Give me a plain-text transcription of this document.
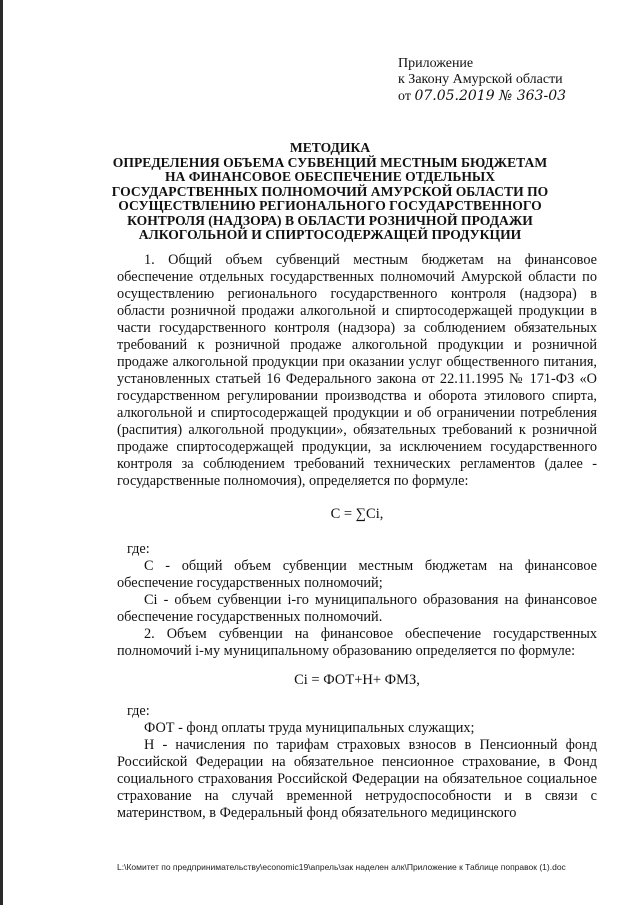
Приложение
к Закону Амурской области
от 07.05.2019 № 363-03
МЕТОДИКА
ОПРЕДЕЛЕНИЯ ОБЪЕМА СУБВЕНЦИЙ МЕСТНЫМ БЮДЖЕТАМ
НА ФИНАНСОВОЕ ОБЕСПЕЧЕНИЕ ОТДЕЛЬНЫХ
ГОСУДАРСТВЕННЫХ ПОЛНОМОЧИЙ АМУРСКОЙ ОБЛАСТИ ПО
ОСУЩЕСТВЛЕНИЮ РЕГИОНАЛЬНОГО ГОСУДАРСТВЕННОГО
КОНТРОЛЯ (НАДЗОРА) В ОБЛАСТИ РОЗНИЧНОЙ ПРОДАЖИ
АЛКОГОЛЬНОЙ И СПИРТОСОДЕРЖАЩЕЙ ПРОДУКЦИИ

1. Общий объем субвенций местным бюджетам на финансовое обеспечение отдельных государственных полномочий Амурской области по осуществлению регионального государственного контроля (надзора) в области розничной продажи алкогольной и спиртосодержащей продукции в части государственного контроля (надзора) за соблюдением обязательных требований к розничной продаже алкогольной продукции и розничной продаже алкогольной продукции при оказании услуг общественного питания, установленных статьей 16 Федерального закона от 22.11.1995 № 171-ФЗ «О государственном регулировании производства и оборота этилового спирта, алкогольной и спиртосодержащей продукции и об ограничении потребления (распития) алкогольной продукции», обязательных требований к розничной продаже спиртосодержащей продукции, за исключением государственного контроля за соблюдением требований технических регламентов (далее - государственные полномочия), определяется по формуле:

С = ∑Сi,

где:

С - общий объем субвенции местным бюджетам на финансовое обеспечение государственных полномочий;

Сi - объем субвенции i-го муниципального образования на финансовое обеспечение государственных полномочий.

2. Объем субвенции на финансовое обеспечение государственных полномочий i-му муниципальному образованию определяется по формуле:

Сi = ФОТ+Н+ ФМЗ,

где:

ФОТ - фонд оплаты труда муниципальных служащих;

Н - начисления по тарифам страховых взносов в Пенсионный фонд Российской Федерации на обязательное пенсионное страхование, в Фонд социального страхования Российской Федерации на обязательное социальное страхование на случай временной нетрудоспособности и в связи с материнством, в Федеральный фонд обязательного медицинского

L:\Комитет по предпринимательству\economic19\апрель\зак наделен алк\Приложение к Таблице поправок (1).doc
